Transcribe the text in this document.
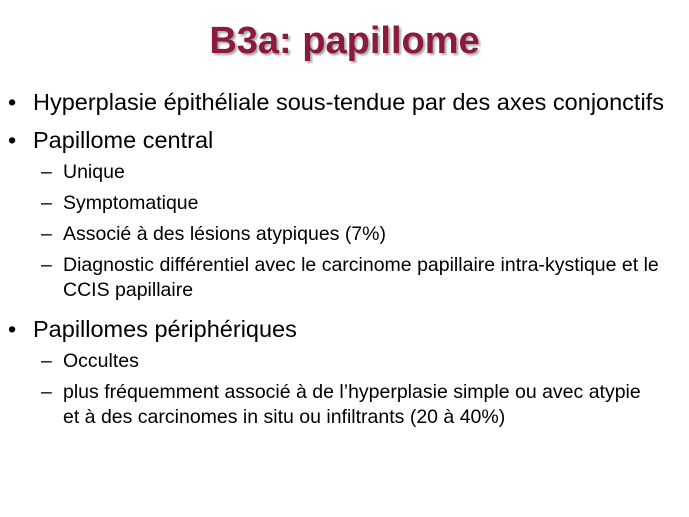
B3a: papillome
• Hyperplasie épithéliale sous-tendue par des axes conjonctifs
• Papillome central
– Unique
– Symptomatique
– Associé à des lésions atypiques (7%)
– Diagnostic différentiel avec le carcinome papillaire intra-kystique et le CCIS papillaire
• Papillomes périphériques
– Occultes
– plus fréquemment associé à de l’hyperplasie simple ou avec atypie et à des carcinomes in situ ou infiltrants (20 à 40%)
